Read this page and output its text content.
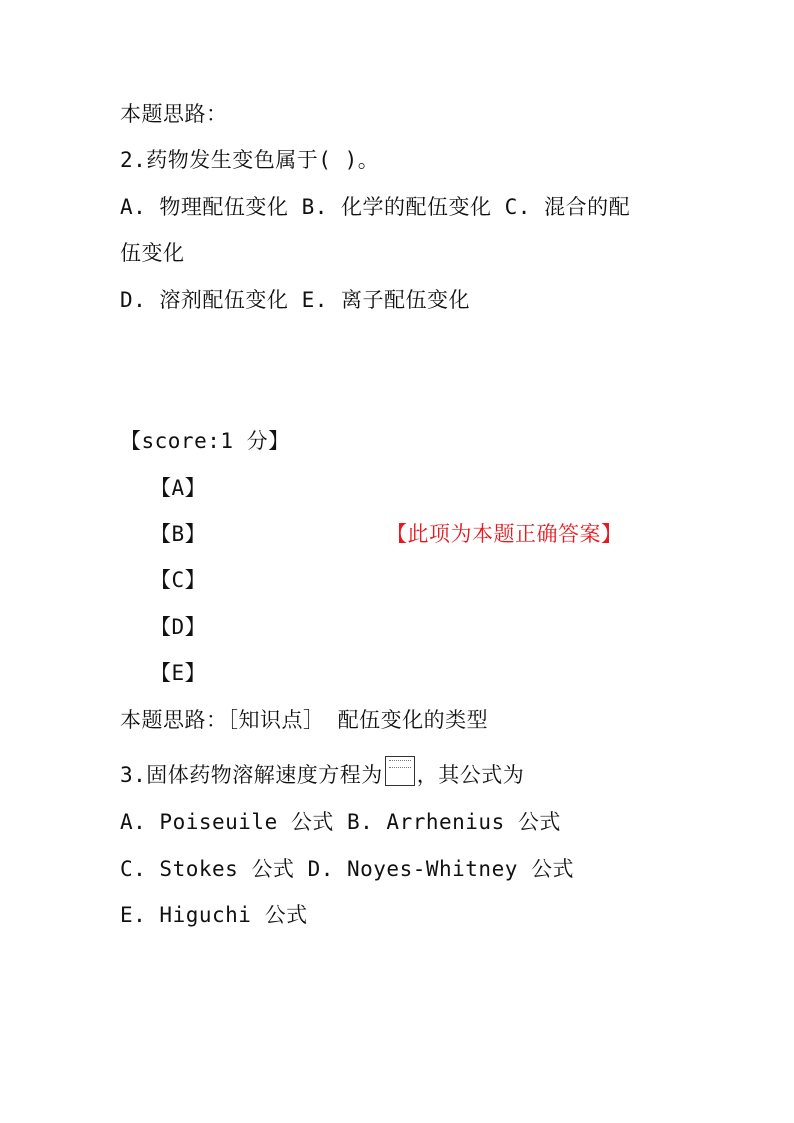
本题思路：
2.药物发生变色属于( )。
A. 物理配伍变化 B. 化学的配伍变化 C. 混合的配
伍变化
D. 溶剂配伍变化 E. 离子配伍变化
【score:1 分】
【A】
【B】	【此项为本题正确答案】
【C】
【D】
【E】
本题思路：［知识点］ 配伍变化的类型
3.固体药物溶解速度方程为 ，其公式为
A. Poiseuile 公式 B. Arrhenius 公式
C. Stokes 公式 D. Noyes-Whitney 公式
E. Higuchi 公式
